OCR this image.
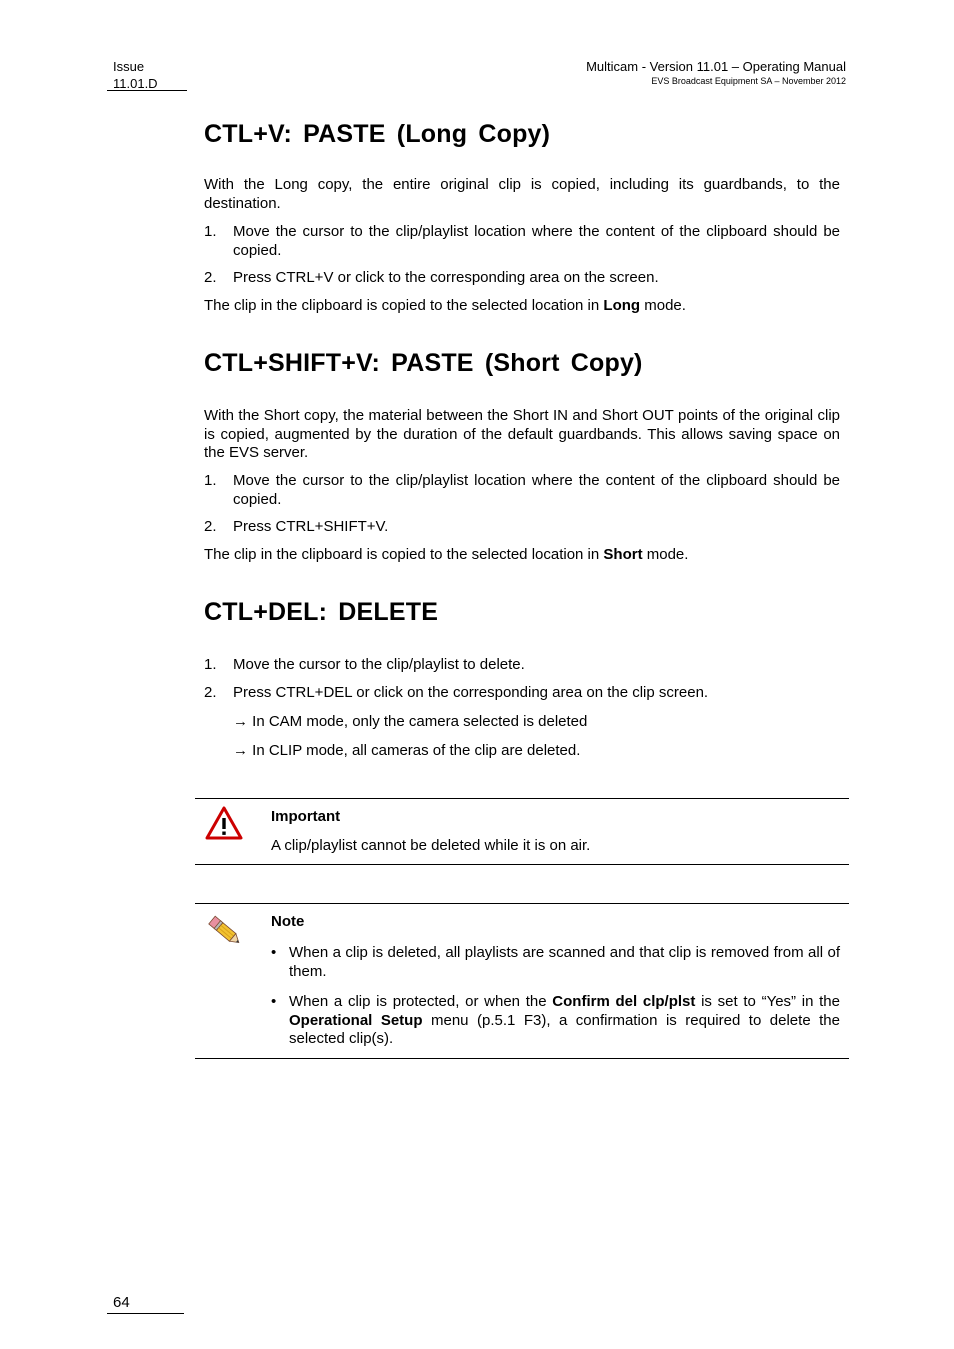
Issue
11.01.D
Multicam - Version 11.01 – Operating Manual
EVS Broadcast Equipment SA – November 2012
CTL+V: PASTE (Long Copy)
With the Long copy, the entire original clip is copied, including its guardbands, to the destination.
1. Move the cursor to the clip/playlist location where the content of the clipboard should be copied.
2. Press CTRL+V or click to the corresponding area on the screen.
The clip in the clipboard is copied to the selected location in Long mode.
CTL+SHIFT+V: PASTE (Short Copy)
With the Short copy, the material between the Short IN and Short OUT points of the original clip is copied, augmented by the duration of the default guardbands. This allows saving space on the EVS server.
1. Move the cursor to the clip/playlist location where the content of the clipboard should be copied.
2. Press CTRL+SHIFT+V.
The clip in the clipboard is copied to the selected location in Short mode.
CTL+DEL: DELETE
1. Move the cursor to the clip/playlist to delete.
2. Press CTRL+DEL or click on the corresponding area on the clip screen.
→ In CAM mode, only the camera selected is deleted
→ In CLIP mode, all cameras of the clip are deleted.
Important
A clip/playlist cannot be deleted while it is on air.
Note
• When a clip is deleted, all playlists are scanned and that clip is removed from all of them.
• When a clip is protected, or when the Confirm del clp/plst is set to “Yes” in the Operational Setup menu (p.5.1 F3), a confirmation is required to delete the selected clip(s).
64
